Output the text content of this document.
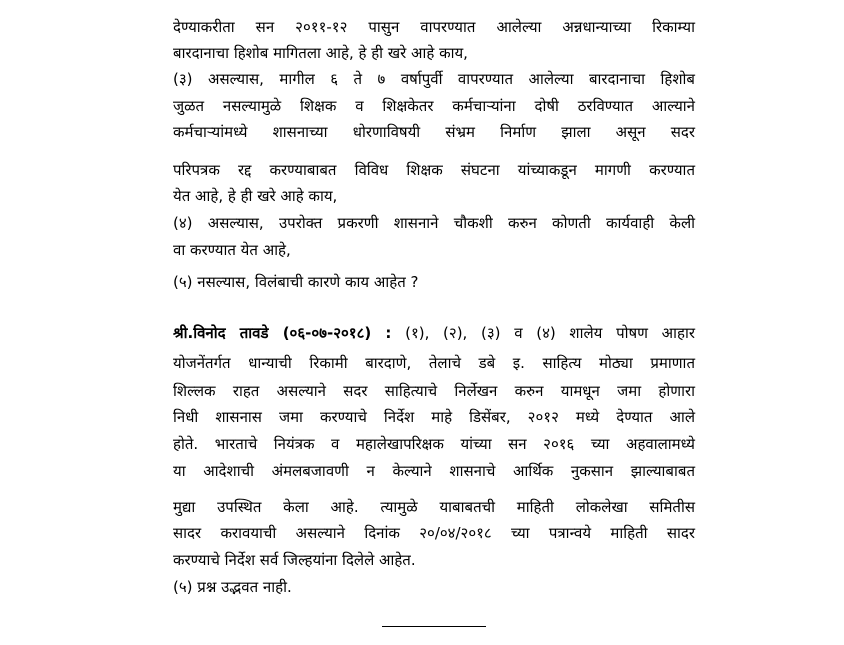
देण्याकरीता सन २०११-१२ पासुन वापरण्यात आलेल्या अन्नधान्याच्या रिकाम्या
बारदानाचा हिशोब मागितला आहे, हे ही खरे आहे काय,
(३) असल्यास, मागील ६ ते ७ वर्षापुर्वी वापरण्यात आलेल्या बारदानाचा हिशोब
जुळत नसल्यामुळे शिक्षक व शिक्षकेतर कर्मचाऱ्यांना दोषी ठरविण्यात आल्याने
कर्मचाऱ्यांमध्ये शासनाच्या धोरणाविषयी संभ्रम निर्माण झाला असून सदर
परिपत्रक रद्द करण्याबाबत विविध शिक्षक संघटना यांच्याकडून मागणी करण्यात
येत आहे, हे ही खरे आहे काय,
(४) असल्यास, उपरोक्त प्रकरणी शासनाने चौकशी करुन कोणती कार्यवाही केली
वा करण्यात येत आहे,
(५) नसल्यास, विलंबाची कारणे काय आहेत ?
श्री.विनोद तावडे (०६-०७-२०१८) : (१), (२), (३) व (४) शालेय पोषण आहार
योजनेंतर्गत धान्याची रिकामी बारदाणे, तेलाचे डबे इ. साहित्य मोठ्या प्रमाणात
शिल्लक राहत असल्याने सदर साहित्याचे निर्लेखन करुन यामधून जमा होणारा
निधी शासनास जमा करण्याचे निर्देश माहे डिसेंबर, २०१२ मध्ये देण्यात आले
होते. भारताचे नियंत्रक व महालेखापरिक्षक यांच्या सन २०१६ च्या अहवालामध्ये
या आदेशाची अंमलबजावणी न केल्याने शासनाचे आर्थिक नुकसान झाल्याबाबत
मुद्या उपस्थित केला आहे. त्यामुळे याबाबतची माहिती लोकलेखा समितीस
सादर करावयाची असल्याने दिनांक २०/०४/२०१८ च्या पत्रान्वये माहिती सादर
करण्याचे निर्देश सर्व जिल्हयांना दिलेले आहेत.
(५) प्रश्न उद्भवत नाही.
